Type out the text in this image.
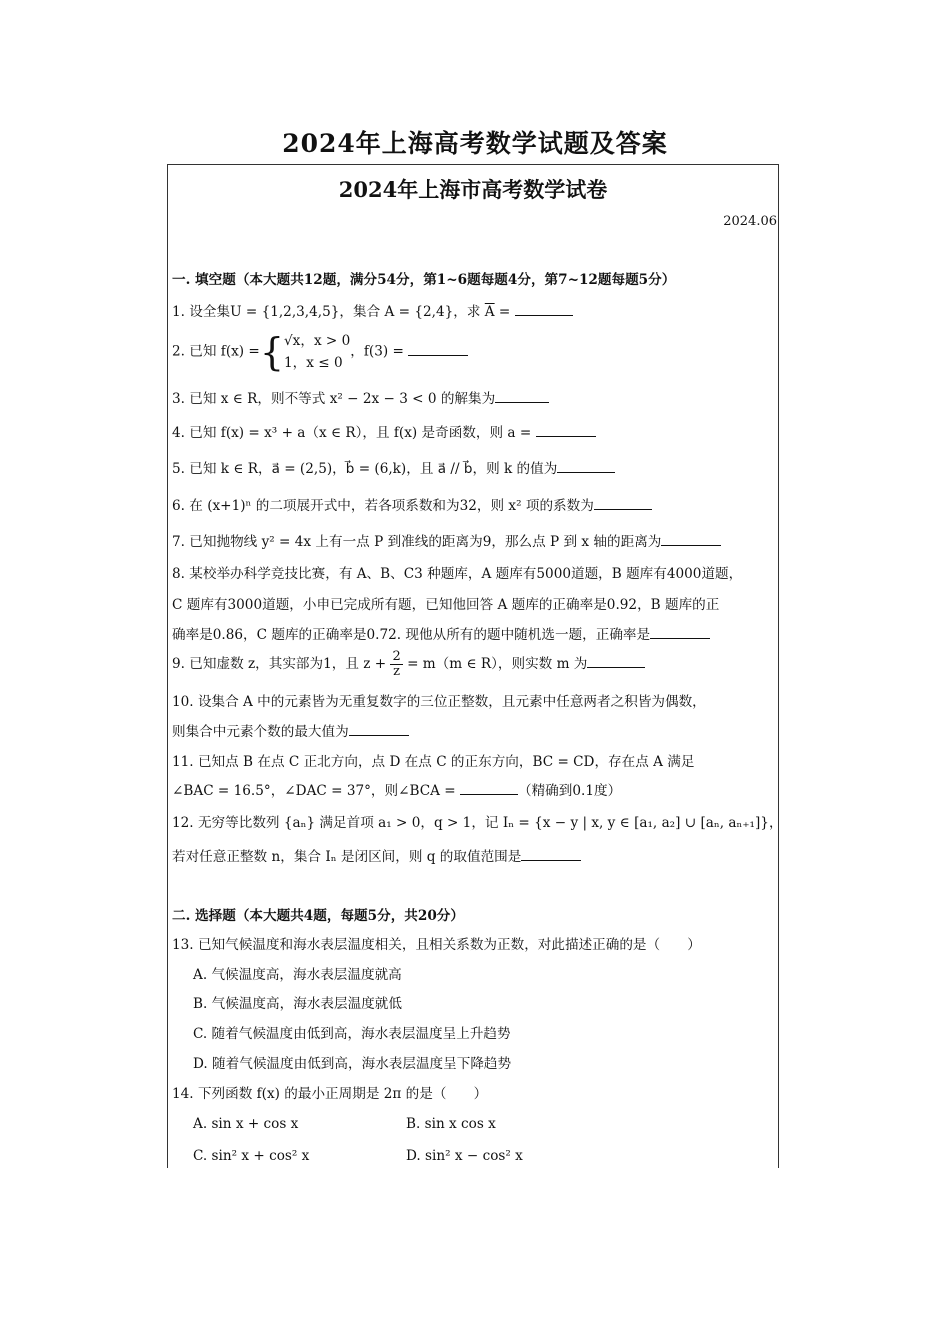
2024年上海高考数学试题及答案
2024年上海市高考数学试卷
2024.06
一. 填空题（本大题共12题，满分54分，第1~6题每题4分，第7~12题每题5分）
1. 设全集U = {1,2,3,4,5}，集合 A = {2,4}，求 $\overline{A}$ =
2. 已知 f(x) ={ √x，x > 0
1，x ≤ 0
，f(3) =
3. 已知 x ∈ R，则不等式 x² − 2x − 3 < 0 的解集为
4. 已知 f(x) = x³ + a（x ∈ R），且 f(x) 是奇函数，则 a =
5. 已知 k ∈ R，a⃗ = (2,5)，b⃗ = (6,k)，且 a⃗ // b⃗，则 k 的值为
6. 在 (x+1)ⁿ 的二项展开式中，若各项系数和为32，则 x² 项的系数为
7. 已知抛物线 y² = 4x 上有一点 P 到准线的距离为9，那么点 P 到 x 轴的距离为
8. 某校举办科学竞技比赛，有 A、B、C3 种题库，A 题库有5000道题，B 题库有4000道题，
C 题库有3000道题，小申已完成所有题，已知他回答 A 题库的正确率是0.92，B 题库的正
确率是0.86，C 题库的正确率是0.72. 现他从所有的题中随机选一题，正确率是
9. 已知虚数 z，其实部为1，且 $z + \frac{2}{z} = m(m$ ∈ R），则实数 m 为
10. 设集合 A 中的元素皆为无重复数字的三位正整数，且元素中任意两者之积皆为偶数，
则集合中元素个数的最大值为
11. 已知点 B 在点 C 正北方向，点 D 在点 C 的正东方向，BC = CD，存在点 A 满足
∠BAC = 16.5°，∠DAC = 37°，则∠BCA =	（精确到0.1度）
12. 无穷等比数列 {aₙ} 满足首项 a₁ > 0，q > 1，记 Iₙ = {x − y | x, y ∈ [a₁, a₂] ∪ [aₙ, aₙ₊₁]}，
若对任意正整数 n，集合 Iₙ 是闭区间，则 q 的取值范围是
二. 选择题（本大题共4题，每题5分，共20分）
13. 已知气候温度和海水表层温度相关，且相关系数为正数，对此描述正确的是（　　）
A. 气候温度高，海水表层温度就高
B. 气候温度高，海水表层温度就低
C. 随着气候温度由低到高，海水表层温度呈上升趋势
D. 随着气候温度由低到高，海水表层温度呈下降趋势
14. 下列函数 f(x) 的最小正周期是 2π 的是（　　）
A. sin x + cos x	B. sin x cos x
C. sin² x + cos² x	D. sin² x − cos² x
